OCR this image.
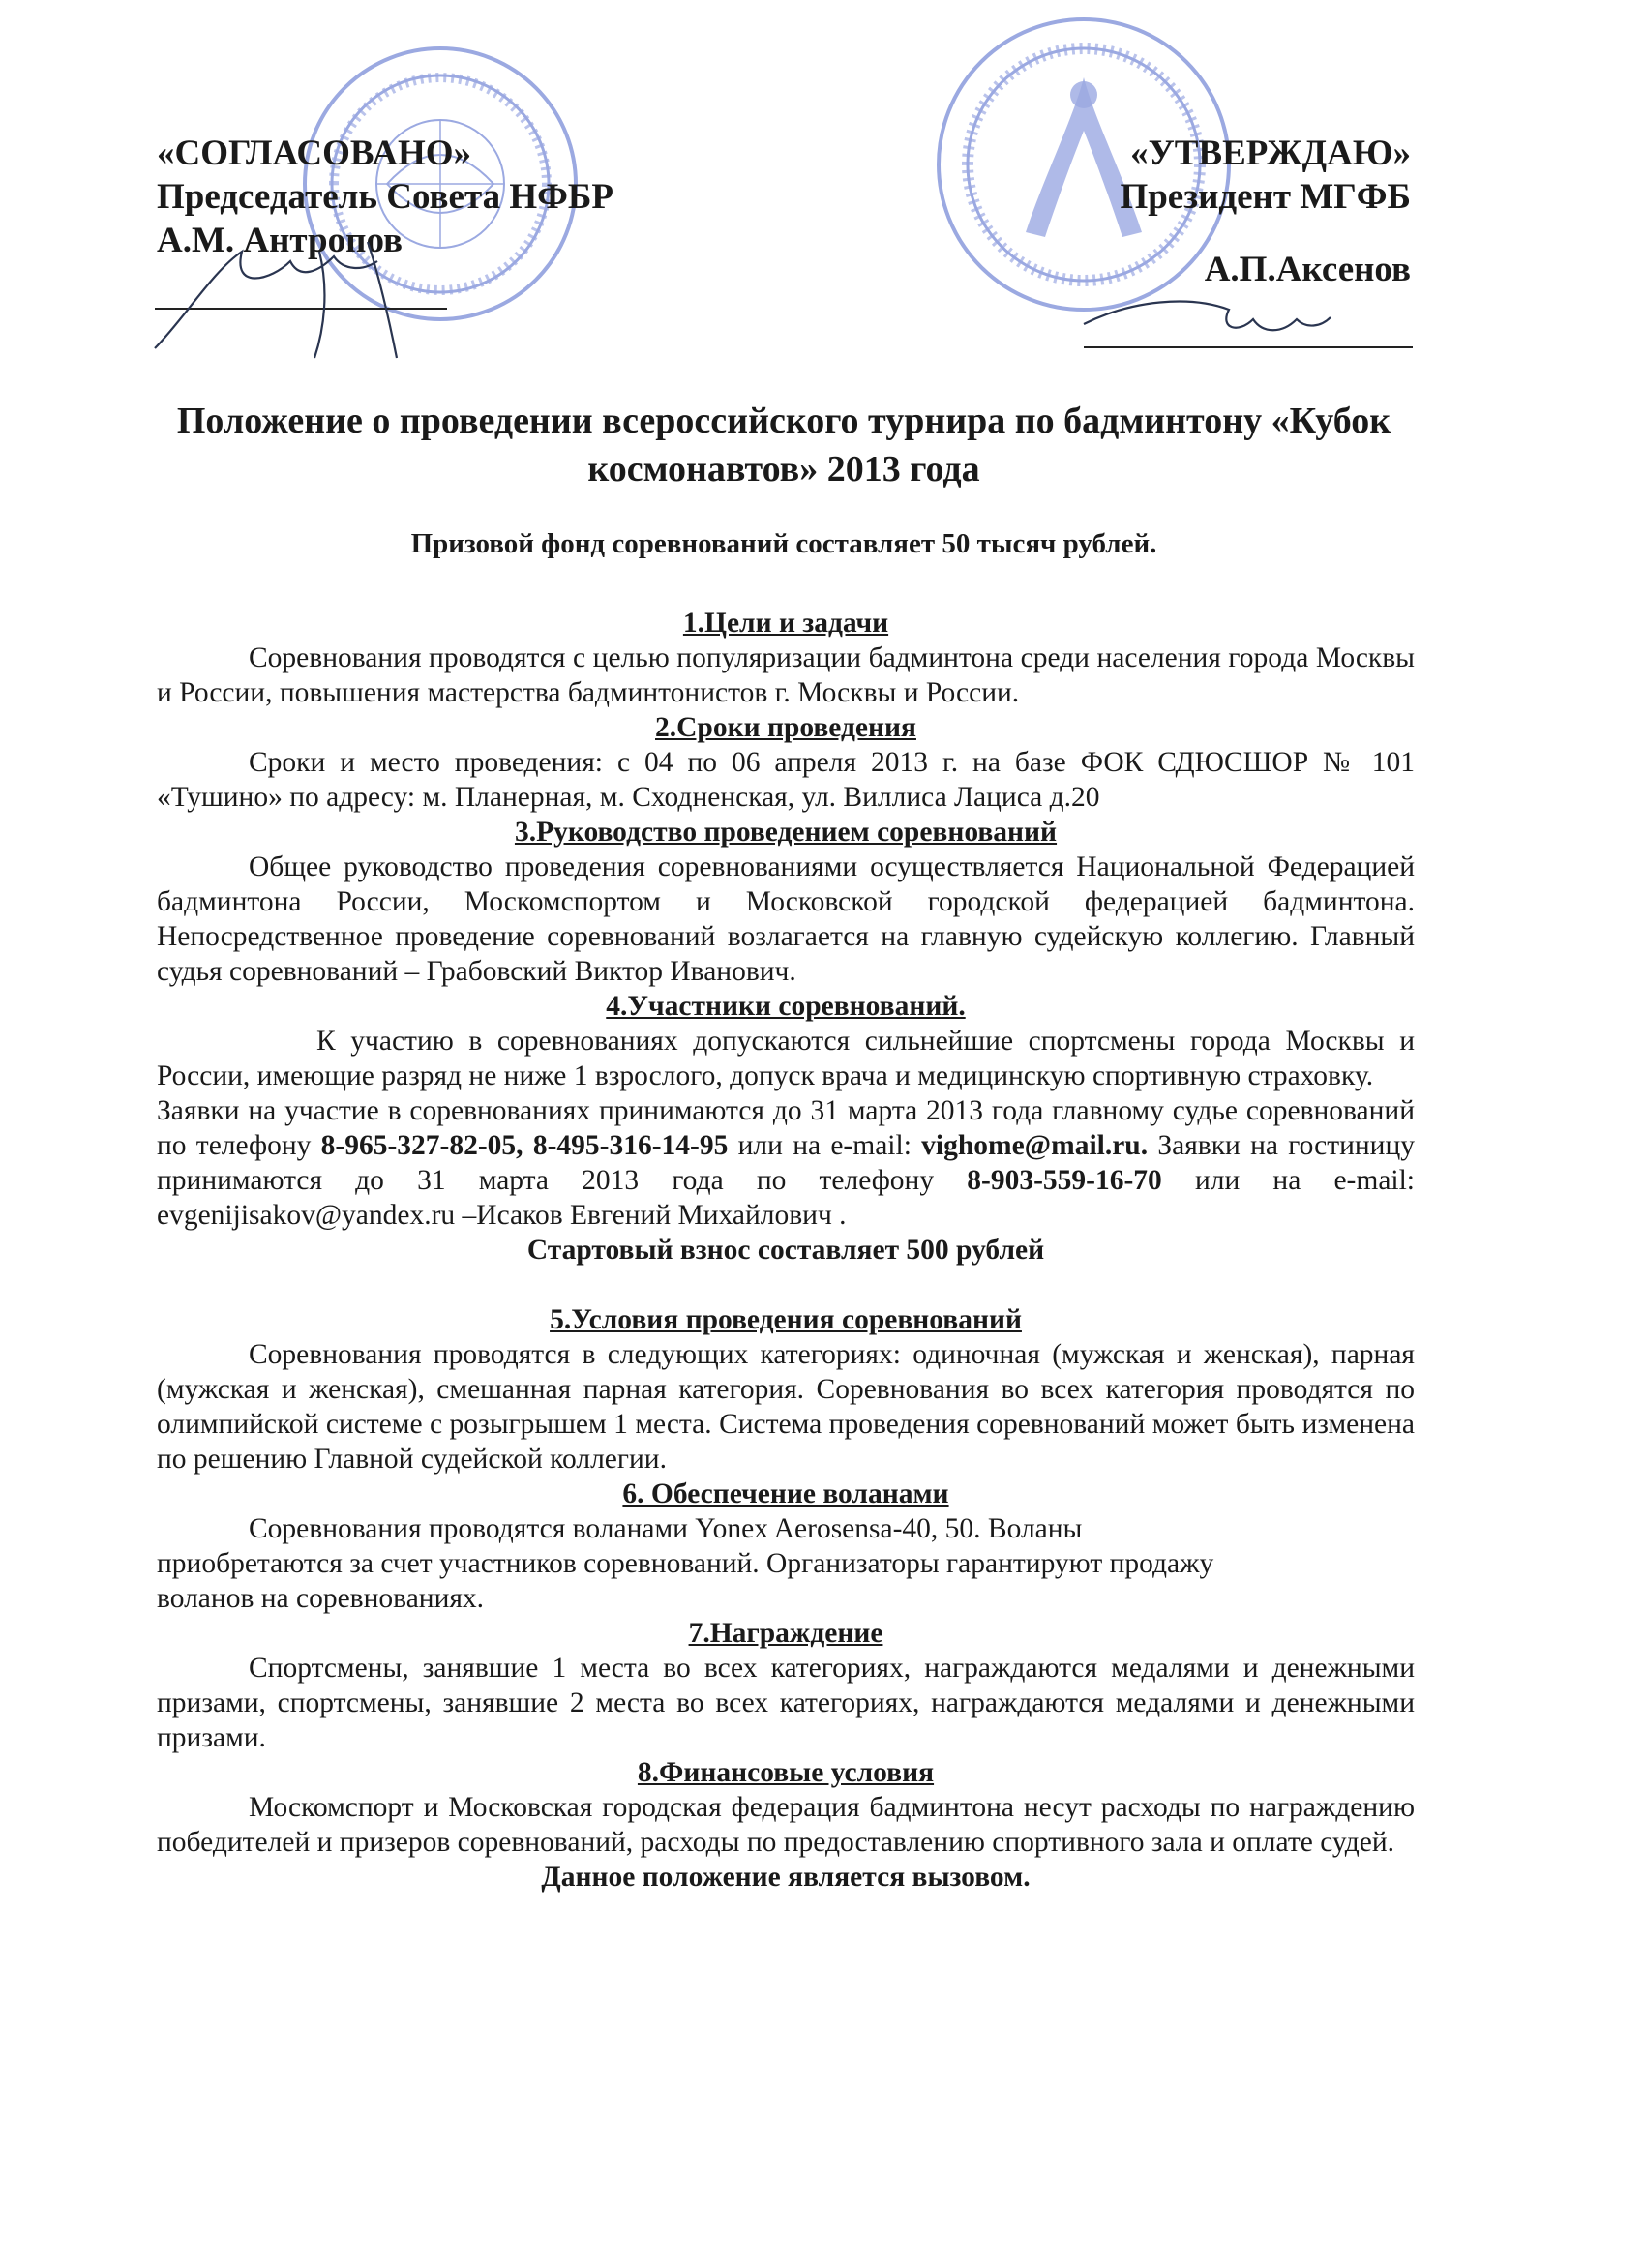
«СОГЛАСОВАНО»
Председатель Совета НФБР
А.М. Антропов
«УТВЕРЖДАЮ»
Президент МГФБ
А.П.Аксенов
Положение о проведении всероссийского турнира по бадминтону «Кубок космонавтов» 2013 года
Призовой фонд соревнований составляет 50 тысяч рублей.

1.Цели и задачи

Соревнования проводятся с целью популяризации бадминтона среди населения города Москвы и России, повышения мастерства бадминтонистов г. Москвы и России.

2.Сроки проведения

Сроки и место проведения: с 04 по 06 апреля 2013 г. на базе ФОК СДЮСШОР № 101 «Тушино» по адресу: м. Планерная, м. Сходненская, ул. Виллиса Лациса д.20

3.Руководство проведением соревнований

Общее руководство проведения соревнованиями осуществляется Национальной Федерацией бадминтона России, Москомспортом и Московской городской федерацией бадминтона. Непосредственное проведение соревнований возлагается на главную судейскую коллегию. Главный судья соревнований – Грабовский Виктор Иванович.

4.Участники соревнований.

К участию в соревнованиях допускаются сильнейшие спортсмены города Москвы и России, имеющие разряд не ниже 1 взрослого, допуск врача и медицинскую спортивную страховку.

Заявки на участие в соревнованиях принимаются до 31 марта 2013 года главному судье соревнований по телефону 8-965-327-82-05, 8-495-316-14-95 или на e-mail: vighome@mail.ru. Заявки на гостиницу принимаются до 31 марта 2013 года по телефону 8-903-559-16-70 или на e-mail: evgenijisakov@yandex.ru –Исаков Евгений Михайлович .

Стартовый взнос составляет 500 рублей

5.Условия проведения соревнований

Соревнования проводятся в следующих категориях: одиночная (мужская и женская), парная (мужская и женская), смешанная парная категория. Соревнования во всех категория проводятся по олимпийской системе с розыгрышем 1 места. Система проведения соревнований может быть изменена по решению Главной судейской коллегии.

6. Обеспечение воланами

Соревнования проводятся воланами Yonex Aerosensa-40, 50. Воланы приобретаются за счет участников соревнований. Организаторы гарантируют продажу воланов на соревнованиях.

7.Награждение

Спортсмены, занявшие 1 места во всех категориях, награждаются медалями и денежными призами, спортсмены, занявшие 2 места во всех категориях, награждаются медалями и денежными призами.

8.Финансовые условия

Москомспорт и Московская городская федерация бадминтона несут расходы по награждению победителей и призеров соревнований, расходы по предоставлению спортивного зала и оплате судей.

Данное положение является вызовом.
